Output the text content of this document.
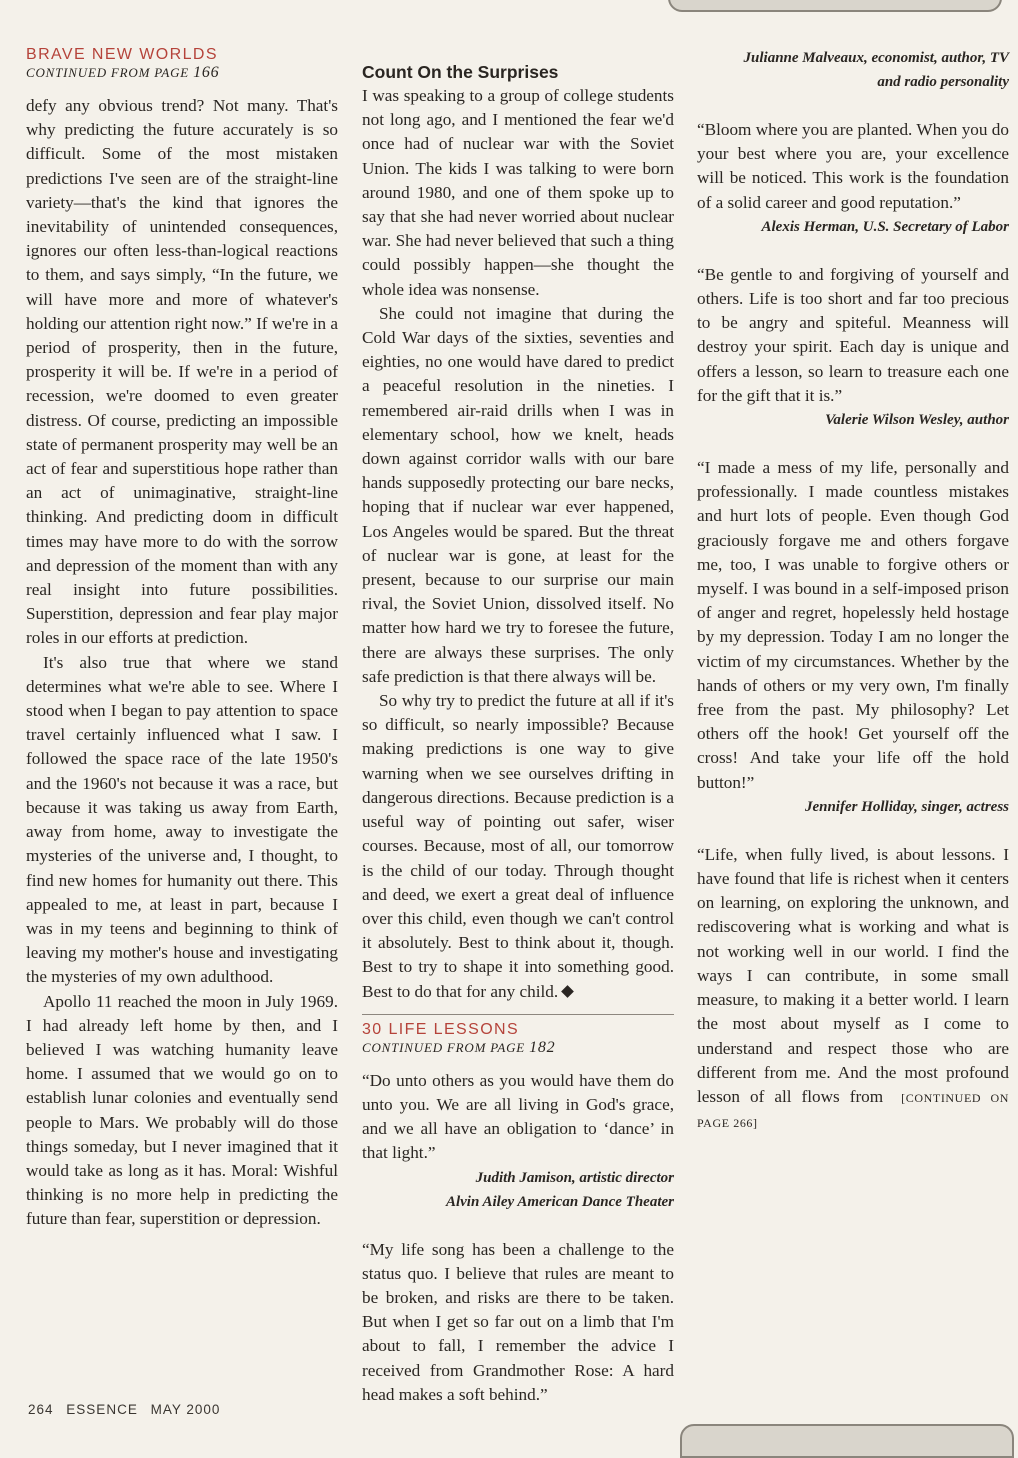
BRAVE NEW WORLDS
CONTINUED FROM PAGE 166

defy any obvious trend? Not many. That's why predicting the future accurately is so difficult. Some of the most mistaken predictions I've seen are of the straight-line variety—that's the kind that ignores the inevitability of unintended consequences, ignores our often less-than-logical reactions to them, and says simply, “In the future, we will have more and more of whatever's holding our attention right now.” If we're in a period of prosperity, then in the future, prosperity it will be. If we're in a period of recession, we're doomed to even greater distress. Of course, predicting an impossible state of permanent prosperity may well be an act of fear and superstitious hope rather than an act of unimaginative, straight-line thinking. And predicting doom in difficult times may have more to do with the sorrow and depression of the moment than with any real insight into future possibilities. Superstition, depression and fear play major roles in our efforts at prediction.

It's also true that where we stand determines what we're able to see. Where I stood when I began to pay attention to space travel certainly influenced what I saw. I followed the space race of the late 1950's and the 1960's not because it was a race, but because it was taking us away from Earth, away from home, away to investigate the mysteries of the universe and, I thought, to find new homes for humanity out there. This appealed to me, at least in part, because I was in my teens and beginning to think of leaving my mother's house and investigating the mysteries of my own adulthood.

Apollo 11 reached the moon in July 1969. I had already left home by then, and I believed I was watching humanity leave home. I assumed that we would go on to establish lunar colonies and eventually send people to Mars. We probably will do those things someday, but I never imagined that it would take as long as it has. Moral: Wishful thinking is no more help in predicting the future than fear, superstition or depression.

Count On the Surprises

I was speaking to a group of college students not long ago, and I mentioned the fear we'd once had of nuclear war with the Soviet Union. The kids I was talking to were born around 1980, and one of them spoke up to say that she had never worried about nuclear war. She had never believed that such a thing could possibly happen—she thought the whole idea was nonsense.

She could not imagine that during the Cold War days of the sixties, seventies and eighties, no one would have dared to predict a peaceful resolution in the nineties. I remembered air-raid drills when I was in elementary school, how we knelt, heads down against corridor walls with our bare hands supposedly protecting our bare necks, hoping that if nuclear war ever happened, Los Angeles would be spared. But the threat of nuclear war is gone, at least for the present, because to our surprise our main rival, the Soviet Union, dissolved itself. No matter how hard we try to foresee the future, there are always these surprises. The only safe prediction is that there always will be.

So why try to predict the future at all if it's so difficult, so nearly impossible? Because making predictions is one way to give warning when we see ourselves drifting in dangerous directions. Because prediction is a useful way of pointing out safer, wiser courses. Because, most of all, our tomorrow is the child of our today. Through thought and deed, we exert a great deal of influence over this child, even though we can't control it absolutely. Best to think about it, though. Best to try to shape it into something good. Best to do that for any child.

30 LIFE LESSONS
CONTINUED FROM PAGE 182

“Do unto others as you would have them do unto you. We are all living in God's grace, and we all have an obligation to ‘dance’ in that light.”

Judith Jamison, artistic director
Alvin Ailey American Dance Theater

“My life song has been a challenge to the status quo. I believe that rules are meant to be broken, and risks are there to be taken. But when I get so far out on a limb that I'm about to fall, I remember the advice I received from Grandmother Rose: A hard head makes a soft behind.”

Julianne Malveaux, economist, author, TV
and radio personality

“Bloom where you are planted. When you do your best where you are, your excellence will be noticed. This work is the foundation of a solid career and good reputation.”

Alexis Herman, U.S. Secretary of Labor

“Be gentle to and forgiving of yourself and others. Life is too short and far too precious to be angry and spiteful. Meanness will destroy your spirit. Each day is unique and offers a lesson, so learn to treasure each one for the gift that it is.”

Valerie Wilson Wesley, author

“I made a mess of my life, personally and professionally. I made countless mistakes and hurt lots of people. Even though God graciously forgave me and others forgave me, too, I was unable to forgive others or myself. I was bound in a self-imposed prison of anger and regret, hopelessly held hostage by my depression. Today I am no longer the victim of my circumstances. Whether by the hands of others or my very own, I'm finally free from the past. My philosophy? Let others off the hook! Get yourself off the cross! And take your life off the hold button!”

Jennifer Holliday, singer, actress

“Life, when fully lived, is about lessons. I have found that life is richest when it centers on learning, on exploring the unknown, and rediscovering what is working and what is not working well in our world. I find the ways I can contribute, in some small measure, to making it a better world. I learn the most about myself as I come to understand and respect those who are different from me. And the most profound lesson of all flows from [CONTINUED ON PAGE 266]

264 ESSENCE MAY 2000
